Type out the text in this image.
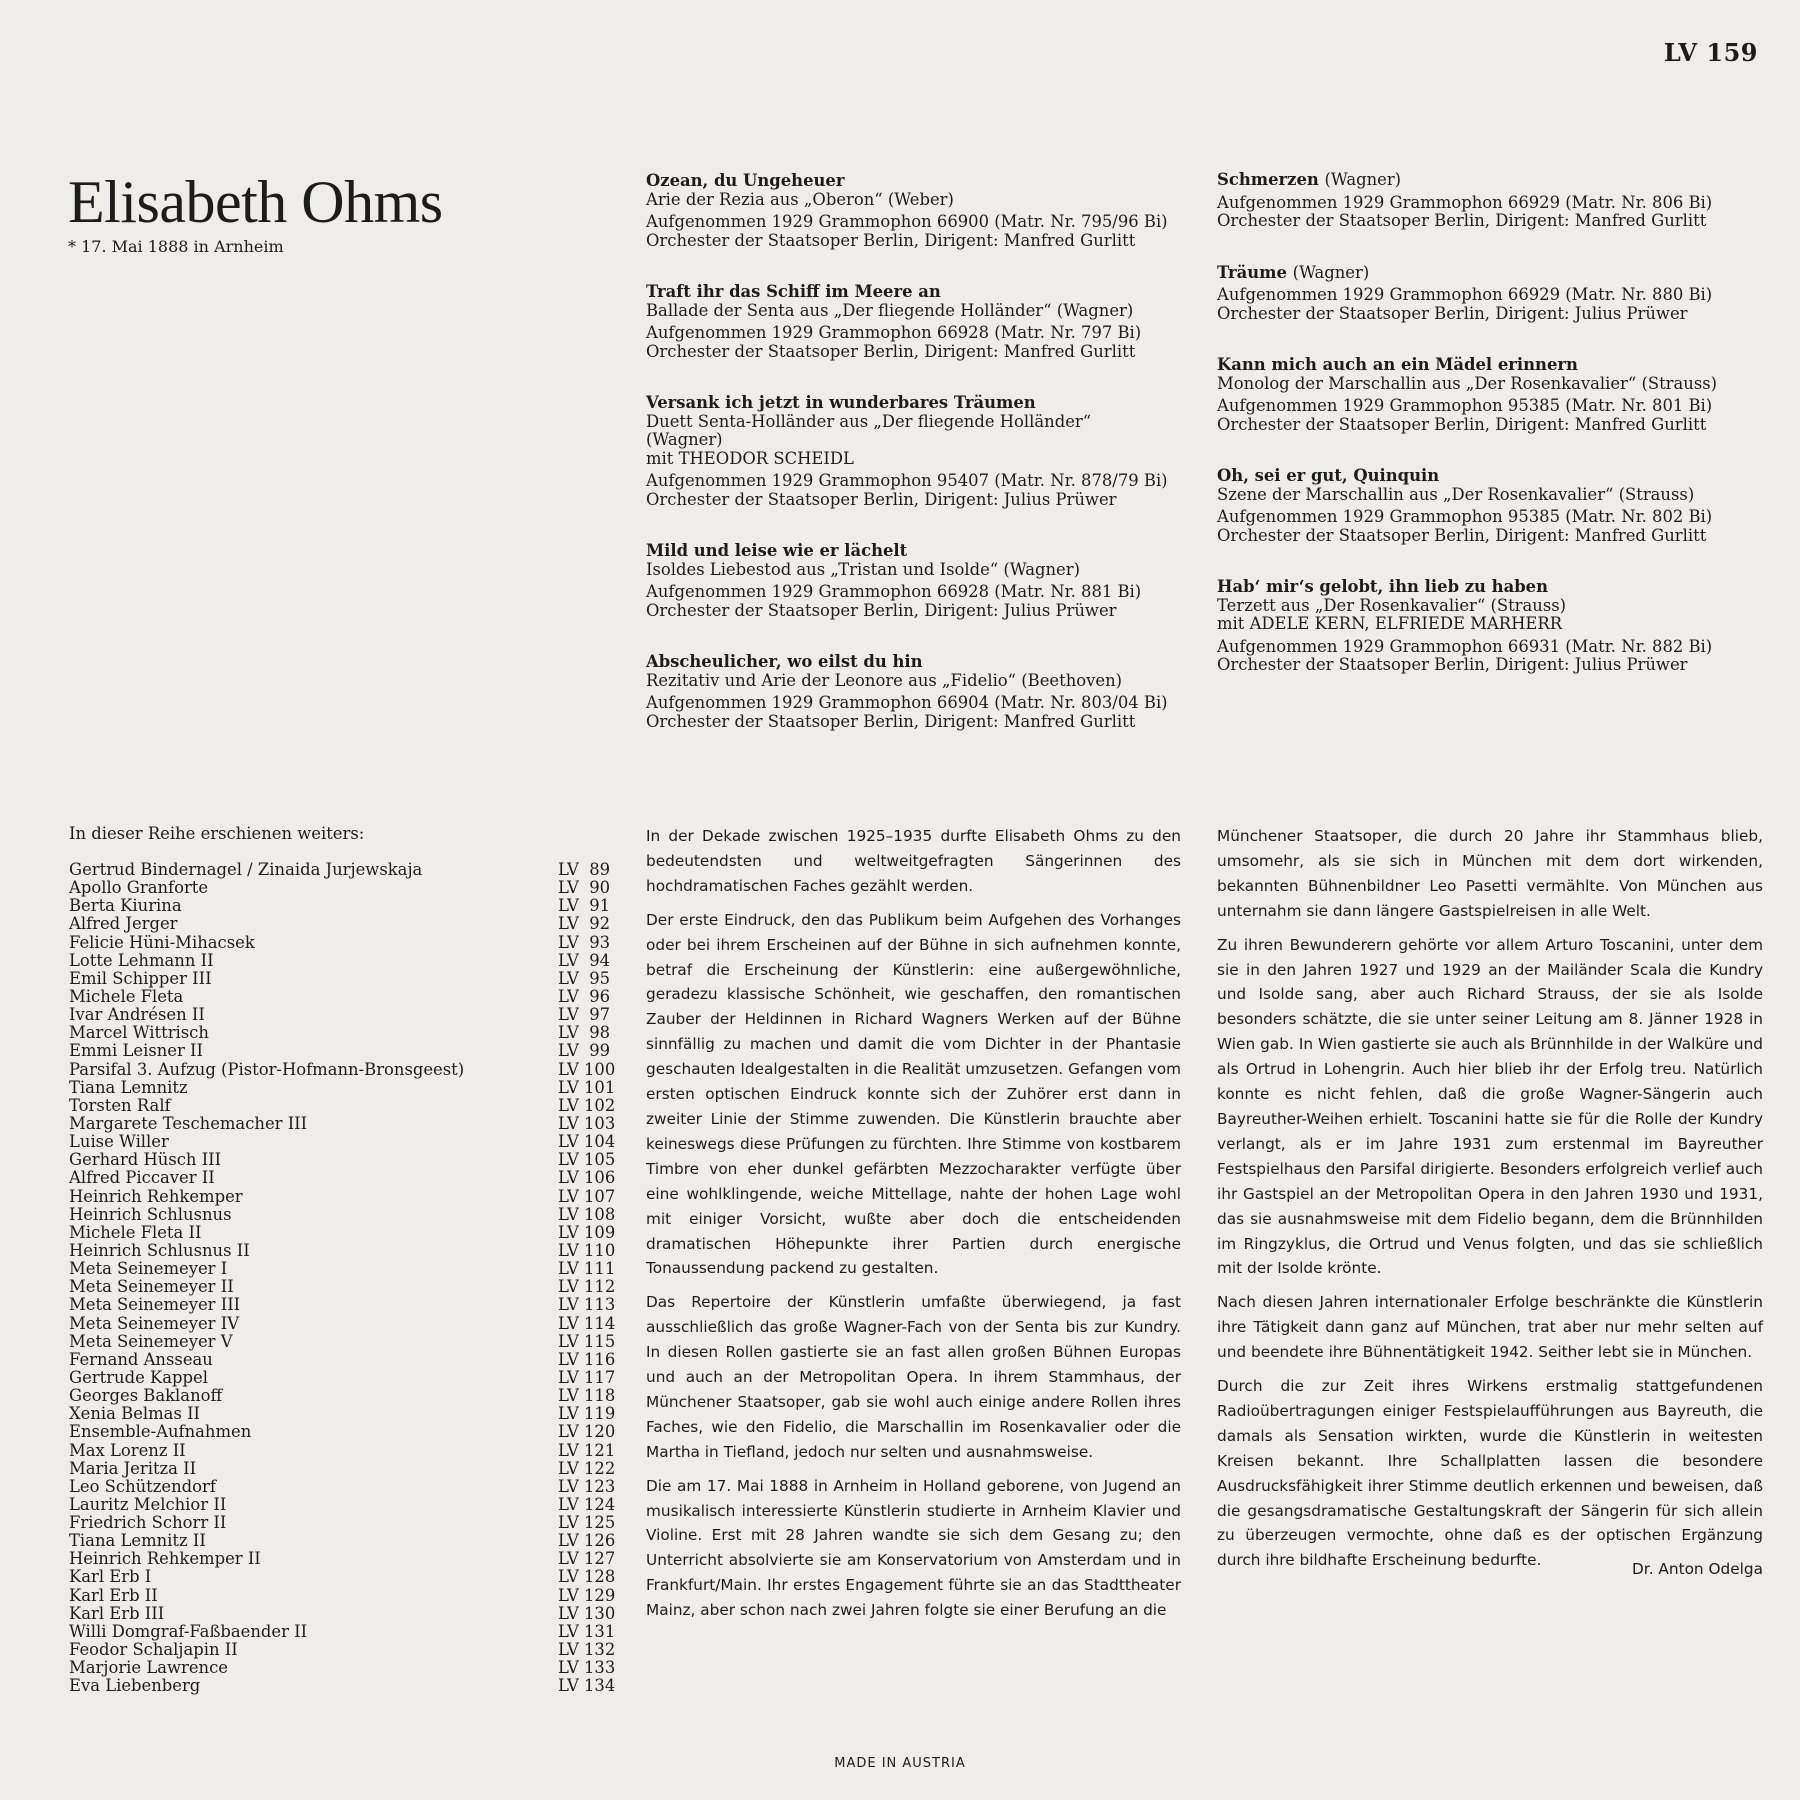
LV 159
Elisabeth Ohms
* 17. Mai 1888 in Arnheim
Ozean, du Ungeheuer
Arie der Rezia aus „Oberon“ (Weber)
Aufgenommen 1929 Grammophon 66900 (Matr. Nr. 795/96 Bi)
Orchester der Staatsoper Berlin, Dirigent: Manfred Gurlitt
Traft ihr das Schiff im Meere an
Ballade der Senta aus „Der fliegende Holländer“ (Wagner)
Aufgenommen 1929 Grammophon 66928 (Matr. Nr. 797 Bi)
Orchester der Staatsoper Berlin, Dirigent: Manfred Gurlitt
Versank ich jetzt in wunderbares Träumen
Duett Senta-Holländer aus „Der fliegende Holländer“
(Wagner)
mit THEODOR SCHEIDL
Aufgenommen 1929 Grammophon 95407 (Matr. Nr. 878/79 Bi)
Orchester der Staatsoper Berlin, Dirigent: Julius Prüwer
Mild und leise wie er lächelt
Isoldes Liebestod aus „Tristan und Isolde“ (Wagner)
Aufgenommen 1929 Grammophon 66928 (Matr. Nr. 881 Bi)
Orchester der Staatsoper Berlin, Dirigent: Julius Prüwer
Abscheulicher, wo eilst du hin
Rezitativ und Arie der Leonore aus „Fidelio“ (Beethoven)
Aufgenommen 1929 Grammophon 66904 (Matr. Nr. 803/04 Bi)
Orchester der Staatsoper Berlin, Dirigent: Manfred Gurlitt
Schmerzen (Wagner)
Aufgenommen 1929 Grammophon 66929 (Matr. Nr. 806 Bi)
Orchester der Staatsoper Berlin, Dirigent: Manfred Gurlitt
Träume (Wagner)
Aufgenommen 1929 Grammophon 66929 (Matr. Nr. 880 Bi)
Orchester der Staatsoper Berlin, Dirigent: Julius Prüwer
Kann mich auch an ein Mädel erinnern
Monolog der Marschallin aus „Der Rosenkavalier“ (Strauss)
Aufgenommen 1929 Grammophon 95385 (Matr. Nr. 801 Bi)
Orchester der Staatsoper Berlin, Dirigent: Manfred Gurlitt
Oh, sei er gut, Quinquin
Szene der Marschallin aus „Der Rosenkavalier“ (Strauss)
Aufgenommen 1929 Grammophon 95385 (Matr. Nr. 802 Bi)
Orchester der Staatsoper Berlin, Dirigent: Manfred Gurlitt
Hab‘ mir‘s gelobt, ihn lieb zu haben
Terzett aus „Der Rosenkavalier“ (Strauss)
mit ADELE KERN, ELFRIEDE MARHERR
Aufgenommen 1929 Grammophon 66931 (Matr. Nr. 882 Bi)
Orchester der Staatsoper Berlin, Dirigent: Julius Prüwer
In dieser Reihe erschienen weiters:
Gertrud Bindernagel / Zinaida Jurjewskaja	LV  89
Apollo Granforte	LV  90
Berta Kiurina	LV  91
Alfred Jerger	LV  92
Felicie Hüni-Mihacsek	LV  93
Lotte Lehmann II	LV  94
Emil Schipper III	LV  95
Michele Fleta	LV  96
Ivar Andrésen II	LV  97
Marcel Wittrisch	LV  98
Emmi Leisner II	LV  99
Parsifal 3. Aufzug (Pistor-Hofmann-Bronsgeest)	LV 100
Tiana Lemnitz	LV 101
Torsten Ralf	LV 102
Margarete Teschemacher III	LV 103
Luise Willer	LV 104
Gerhard Hüsch III	LV 105
Alfred Piccaver II	LV 106
Heinrich Rehkemper	LV 107
Heinrich Schlusnus	LV 108
Michele Fleta II	LV 109
Heinrich Schlusnus II	LV 110
Meta Seinemeyer I	LV 111
Meta Seinemeyer II	LV 112
Meta Seinemeyer III	LV 113
Meta Seinemeyer IV	LV 114
Meta Seinemeyer V	LV 115
Fernand Ansseau	LV 116
Gertrude Kappel	LV 117
Georges Baklanoff	LV 118
Xenia Belmas II	LV 119
Ensemble-Aufnahmen	LV 120
Max Lorenz II	LV 121
Maria Jeritza II	LV 122
Leo Schützendorf	LV 123
Lauritz Melchior II	LV 124
Friedrich Schorr II	LV 125
Tiana Lemnitz II	LV 126
Heinrich Rehkemper II	LV 127
Karl Erb I	LV 128
Karl Erb II	LV 129
Karl Erb III	LV 130
Willi Domgraf-Faßbaender II	LV 131
Feodor Schaljapin II	LV 132
Marjorie Lawrence	LV 133
Eva Liebenberg	LV 134

In der Dekade zwischen 1925–1935 durfte Elisabeth Ohms zu den bedeutendsten und weltweitgefragten Sängerinnen des hochdramatischen Faches gezählt werden.

Der erste Eindruck, den das Publikum beim Aufgehen des Vorhanges oder bei ihrem Erscheinen auf der Bühne in sich aufnehmen konnte, betraf die Erscheinung der Künstlerin: eine außergewöhnliche, geradezu klassische Schönheit, wie geschaffen, den romantischen Zauber der Heldinnen in Richard Wagners Werken auf der Bühne sinnfällig zu machen und damit die vom Dichter in der Phantasie geschauten Idealgestalten in die Realität umzusetzen. Gefangen vom ersten optischen Eindruck konnte sich der Zuhörer erst dann in zweiter Linie der Stimme zuwenden. Die Künstlerin brauchte aber keineswegs diese Prüfungen zu fürchten. Ihre Stimme von kostbarem Timbre von eher dunkel gefärbten Mezzocharakter verfügte über eine wohlklingende, weiche Mittellage, nahte der hohen Lage wohl mit einiger Vorsicht, wußte aber doch die entscheidenden dramatischen Höhepunkte ihrer Partien durch energische Tonaussendung packend zu gestalten.

Das Repertoire der Künstlerin umfaßte überwiegend, ja fast ausschließlich das große Wagner-Fach von der Senta bis zur Kundry. In diesen Rollen gastierte sie an fast allen großen Bühnen Europas und auch an der Metropolitan Opera. In ihrem Stammhaus, der Münchener Staatsoper, gab sie wohl auch einige andere Rollen ihres Faches, wie den Fidelio, die Marschallin im Rosenkavalier oder die Martha in Tiefland, jedoch nur selten und ausnahmsweise.

Die am 17. Mai 1888 in Arnheim in Holland geborene, von Jugend an musikalisch interessierte Künstlerin studierte in Arnheim Klavier und Violine. Erst mit 28 Jahren wandte sie sich dem Gesang zu; den Unterricht absolvierte sie am Konservatorium von Amsterdam und in Frankfurt/Main. Ihr erstes Engagement führte sie an das Stadttheater Mainz, aber schon nach zwei Jahren folgte sie einer Berufung an die

Münchener Staatsoper, die durch 20 Jahre ihr Stammhaus blieb, umsomehr, als sie sich in München mit dem dort wirkenden, bekannten Bühnenbildner Leo Pasetti vermählte. Von München aus unternahm sie dann längere Gastspielreisen in alle Welt.

Zu ihren Bewunderern gehörte vor allem Arturo Toscanini, unter dem sie in den Jahren 1927 und 1929 an der Mailänder Scala die Kundry und Isolde sang, aber auch Richard Strauss, der sie als Isolde besonders schätzte, die sie unter seiner Leitung am 8. Jänner 1928 in Wien gab. In Wien gastierte sie auch als Brünnhilde in der Walküre und als Ortrud in Lohengrin. Auch hier blieb ihr der Erfolg treu. Natürlich konnte es nicht fehlen, daß die große Wagner-Sängerin auch Bayreuther-Weihen erhielt. Toscanini hatte sie für die Rolle der Kundry verlangt, als er im Jahre 1931 zum erstenmal im Bayreuther Festspielhaus den Parsifal dirigierte. Besonders erfolgreich verlief auch ihr Gastspiel an der Metropolitan Opera in den Jahren 1930 und 1931, das sie ausnahmsweise mit dem Fidelio begann, dem die Brünnhilden im Ringzyklus, die Ortrud und Venus folgten, und das sie schließlich mit der Isolde krönte.

Nach diesen Jahren internationaler Erfolge beschränkte die Künstlerin ihre Tätigkeit dann ganz auf München, trat aber nur mehr selten auf und beendete ihre Bühnentätigkeit 1942. Seither lebt sie in München.

Durch die zur Zeit ihres Wirkens erstmalig stattgefundenen Radioübertragungen einiger Festspielaufführungen aus Bayreuth, die damals als Sensation wirkten, wurde die Künstlerin in weitesten Kreisen bekannt. Ihre Schallplatten lassen die besondere Ausdrucksfähigkeit ihrer Stimme deutlich erkennen und beweisen, daß die gesangsdramatische Gestaltungskraft der Sängerin für sich allein zu überzeugen vermochte, ohne daß es der optischen Ergänzung durch ihre bildhafte Erscheinung bedurfte.	Dr. Anton Odelga
MADE IN AUSTRIA
